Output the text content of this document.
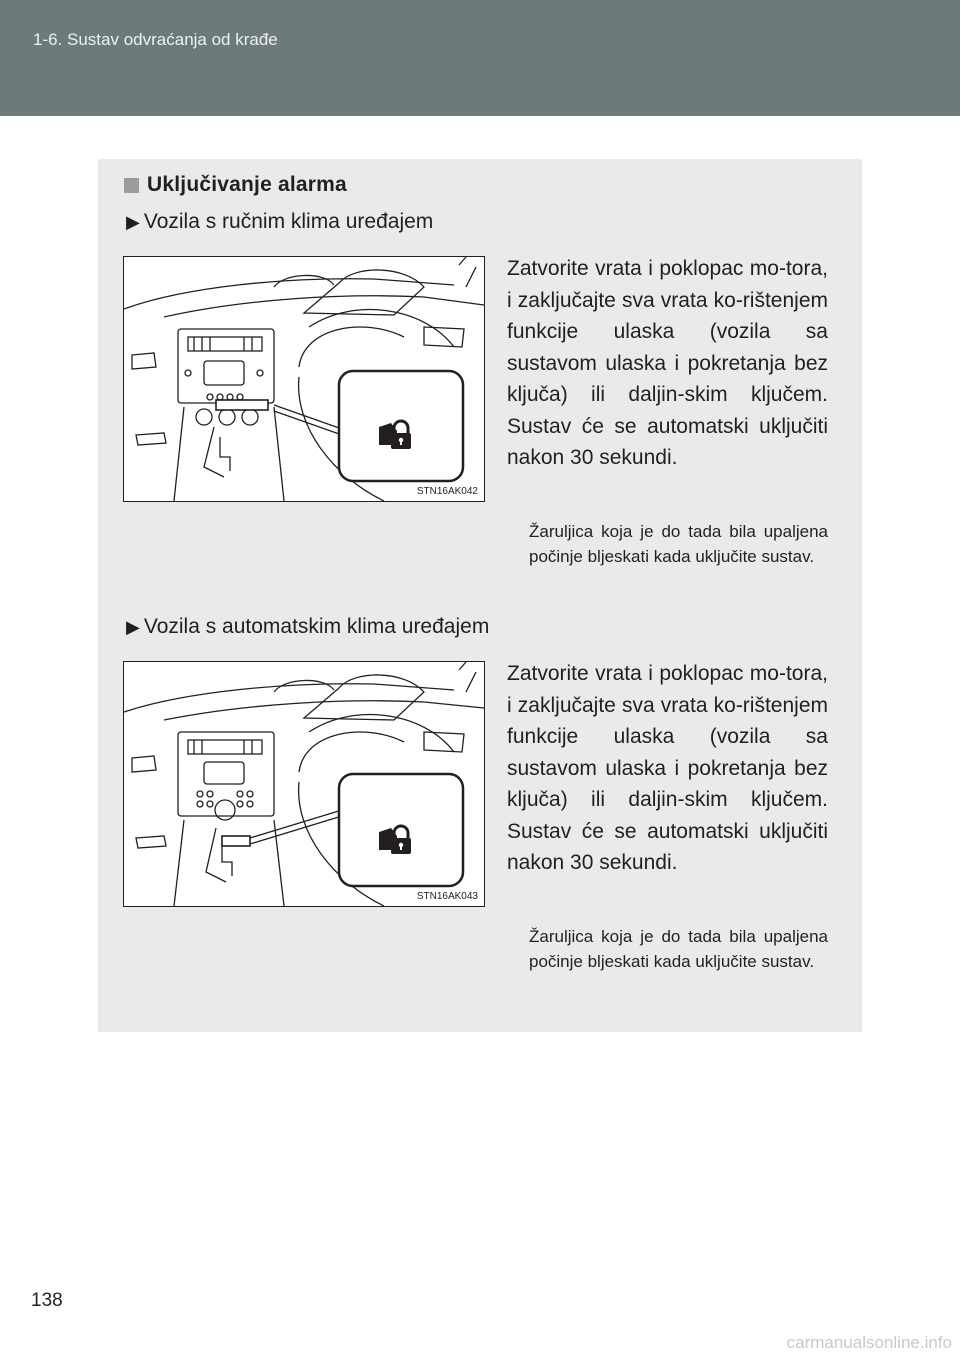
1-6. Sustav odvraćanja od krađe
Uključivanje alarma
▶ Vozila s ručnim klima uređajem
STN16AK042
Zatvorite vrata i poklopac mo-tora, i zaključajte sva vrata ko-rištenjem funkcije ulaska (vozila sa sustavom ulaska i pokretanja bez ključa) ili daljin-skim ključem. Sustav će se automatski uključiti nakon 30 sekundi.
Žaruljica koja je do tada bila upaljena počinje bljeskati kada uključite sustav.
▶ Vozila s automatskim klima uređajem
STN16AK043
Zatvorite vrata i poklopac mo-tora, i zaključajte sva vrata ko-rištenjem funkcije ulaska (vozila sa sustavom ulaska i pokretanja bez ključa) ili daljin-skim ključem. Sustav će se automatski uključiti nakon 30 sekundi.
Žaruljica koja je do tada bila upaljena počinje bljeskati kada uključite sustav.
138
carmanualsonline.info
